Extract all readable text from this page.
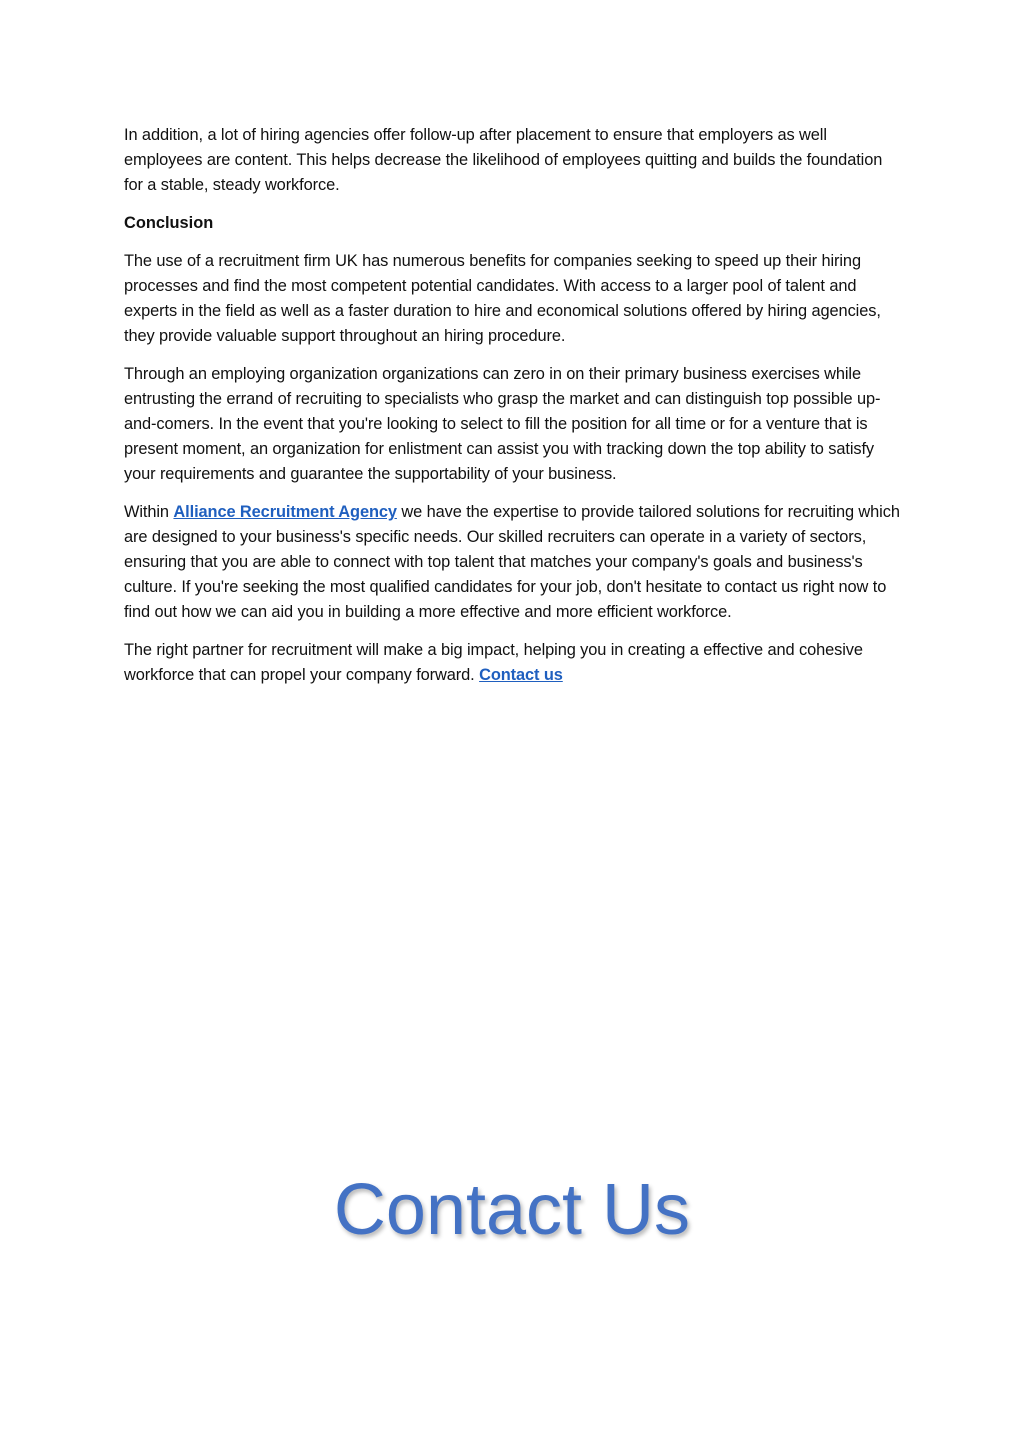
In addition, a lot of hiring agencies offer follow-up after placement to ensure that employers as well employees are content. This helps decrease the likelihood of employees quitting and builds the foundation for a stable, steady workforce.

Conclusion

The use of a recruitment firm UK has numerous benefits for companies seeking to speed up their hiring processes and find the most competent potential candidates. With access to a larger pool of talent and experts in the field as well as a faster duration to hire and economical solutions offered by hiring agencies, they provide valuable support throughout an hiring procedure.

Through an employing organization organizations can zero in on their primary business exercises while entrusting the errand of recruiting to specialists who grasp the market and can distinguish top possible up-and-comers. In the event that you're looking to select to fill the position for all time or for a venture that is present moment, an organization for enlistment can assist you with tracking down the top ability to satisfy your requirements and guarantee the supportability of your business.

Within Alliance Recruitment Agency we have the expertise to provide tailored solutions for recruiting which are designed to your business's specific needs. Our skilled recruiters can operate in a variety of sectors, ensuring that you are able to connect with top talent that matches your company's goals and business's culture. If you're seeking the most qualified candidates for your job, don't hesitate to contact us right now to find out how we can aid you in building a more effective and more efficient workforce.

The right partner for recruitment will make a big impact, helping you in creating a effective and cohesive workforce that can propel your company forward. Contact us

Contact Us
